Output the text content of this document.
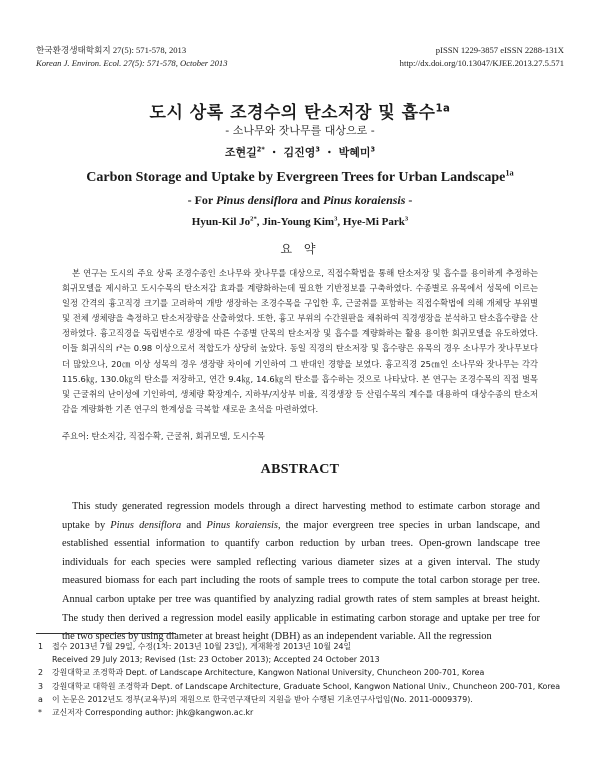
한국환경생태학회지 27(5): 571-578, 2013
Korean J. Environ. Ecol. 27(5): 571-578, October 2013
pISSN 1229-3857 eISSN 2288-131X
http://dx.doi.org/10.13047/KJEE.2013.27.5.571
도시 상록 조경수의 탄소저장 및 흡수$^{1a}$
- 소나무와 잣나무를 대상으로 -
조현길$^{2*}$ ・ 김진영$^3$ ・ 박혜미$^3$
Carbon Storage and Uptake by Evergreen Trees for Urban Landscape$^{1a}$
- For Pinus densiflora and Pinus koraiensis -
Hyun-Kil $Jo^{2*}$, Jin-Young Kim$^3$, Hye-Mi Park$^3$
요 약

본 연구는 도시의 주요 상록 조경수종인 소나무와 잣나무를 대상으로, 직접수확법을 통해 탄소저장 및 흡수를 용이하게 추정하는 회귀모델을 제시하고 도시수목의 탄소저감 효과를 계량화하는데 필요한 기반정보를 구축하였다. 수종별로 유목에서 성목에 이르는 일정 간격의 흉고직경 크기를 고려하여 개방 생장하는 조경수목을 구입한 후, 근굴취를 포함하는 직접수확법에 의해 개체당 부위별 및 전체 생체량을 측정하고 탄소저장량을 산출하였다. 또한, 흉고 부위의 수간원판을 채취하여 직경생장을 분석하고 탄소흡수량을 산정하였다. 흉고직경을 독립변수로 생장에 따른 수종별 단목의 탄소저장 및 흡수를 계량화하는 활용 용이한 회귀모델을 유도하였다. 이들 회귀식의 r²는 0.98 이상으로서 적합도가 상당히 높았다. 동일 직경의 탄소저장 및 흡수량은 유목의 경우 소나무가 잣나무보다 더 많았으나, 20㎝ 이상 성목의 경우 생장량 차이에 기인하여 그 반대인 경향을 보였다. 흉고직경 25㎝인 소나무와 잣나무는 각각 115.6㎏, 130.0㎏의 탄소를 저장하고, 연간 9.4㎏, 14.6㎏의 탄소를 흡수하는 것으로 나타났다. 본 연구는 조경수목의 직접 벌목 및 근굴취의 난이성에 기인하여, 생체량 확장계수, 지하부/지상부 비율, 직경생장 등 산림수목의 계수를 대용하여 대상수종의 탄소저감을 계량화한 기존 연구의 한계성을 극복할 새로운 초석을 마련하였다.

주요어: 탄소저감, 직접수확, 근굴취, 회귀모델, 도시수목
ABSTRACT

This study generated regression models through a direct harvesting method to estimate carbon storage and uptake by Pinus densiflora and Pinus koraiensis, the major evergreen tree species in urban landscape, and established essential information to quantify carbon reduction by urban trees. Open-grown landscape tree individuals for each species were sampled reflecting various diameter sizes at a given interval. The study measured biomass for each part including the roots of sample trees to compute the total carbon storage per tree. Annual carbon uptake per tree was quantified by analyzing radial growth rates of stem samples at breast height. The study then derived a regression model easily applicable in estimating carbon storage and uptake per tree for the two species by using diameter at breast height (DBH) as an independent variable. All the regression

1	접수 2013년 7월 29일, 수정(1차: 2013년 10월 23일), 게재확정 2013년 10월 24일
Received 29 July 2013; Revised (1st: 23 October 2013); Accepted 24 October 2013
2	강원대학교 조경학과 Dept. of Landscape Architecture, Kangwon National University, Chuncheon 200-701, Korea
3	강원대학교 대학원 조경학과 Dept. of Landscape Architecture, Graduate School, Kangwon National Univ., Chuncheon 200-701, Korea
a	이 논문은 2012년도 정부(교육부)의 재원으로 한국연구재단의 지원을 받아 수행된 기초연구사업임(No. 2011-0009379).
*	교신저자 Corresponding author: jhk@kangwon.ac.kr
